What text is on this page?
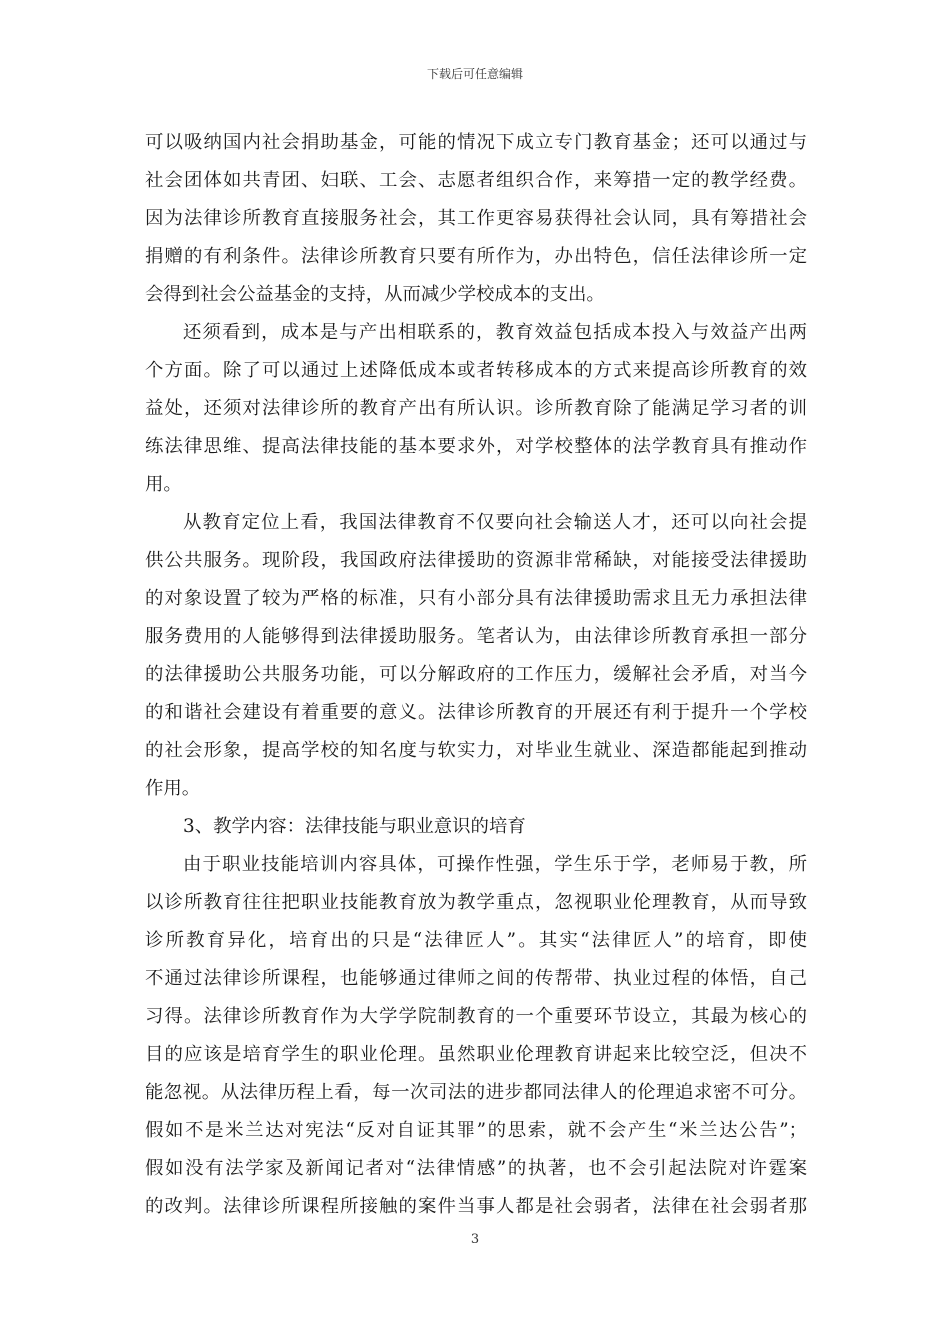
下载后可任意编辑
可以吸纳国内社会捐助基金，可能的情况下成立专门教育基金；还可以通过与
社会团体如共青团、妇联、工会、志愿者组织合作，来筹措一定的教学经费。
因为法律诊所教育直接服务社会，其工作更容易获得社会认同，具有筹措社会
捐赠的有利条件。法律诊所教育只要有所作为，办出特色，信任法律诊所一定
会得到社会公益基金的支持，从而减少学校成本的支出。
还须看到，成本是与产出相联系的，教育效益包括成本投入与效益产出两
个方面。除了可以通过上述降低成本或者转移成本的方式来提高诊所教育的效
益处，还须对法律诊所的教育产出有所认识。诊所教育除了能满足学习者的训
练法律思维、提高法律技能的基本要求外，对学校整体的法学教育具有推动作
用。
从教育定位上看，我国法律教育不仅要向社会输送人才，还可以向社会提
供公共服务。现阶段，我国政府法律援助的资源非常稀缺，对能接受法律援助
的对象设置了较为严格的标准，只有小部分具有法律援助需求且无力承担法律
服务费用的人能够得到法律援助服务。笔者认为，由法律诊所教育承担一部分
的法律援助公共服务功能，可以分解政府的工作压力，缓解社会矛盾，对当今
的和谐社会建设有着重要的意义。法律诊所教育的开展还有利于提升一个学校
的社会形象，提高学校的知名度与软实力，对毕业生就业、深造都能起到推动
作用。
3、教学内容：法律技能与职业意识的培育
由于职业技能培训内容具体，可操作性强，学生乐于学，老师易于教，所
以诊所教育往往把职业技能教育放为教学重点，忽视职业伦理教育，从而导致
诊所教育异化，培育出的只是“法律匠人”。其实“法律匠人”的培育，即使
不通过法律诊所课程，也能够通过律师之间的传帮带、执业过程的体悟，自己
习得。法律诊所教育作为大学学院制教育的一个重要环节设立，其最为核心的
目的应该是培育学生的职业伦理。虽然职业伦理教育讲起来比较空泛，但决不
能忽视。从法律历程上看，每一次司法的进步都同法律人的伦理追求密不可分。
假如不是米兰达对宪法“反对自证其罪”的思索，就不会产生“米兰达公告”；
假如没有法学家及新闻记者对“法律情感”的执著，也不会引起法院对许霆案
的改判。法律诊所课程所接触的案件当事人都是社会弱者，法律在社会弱者那
3
